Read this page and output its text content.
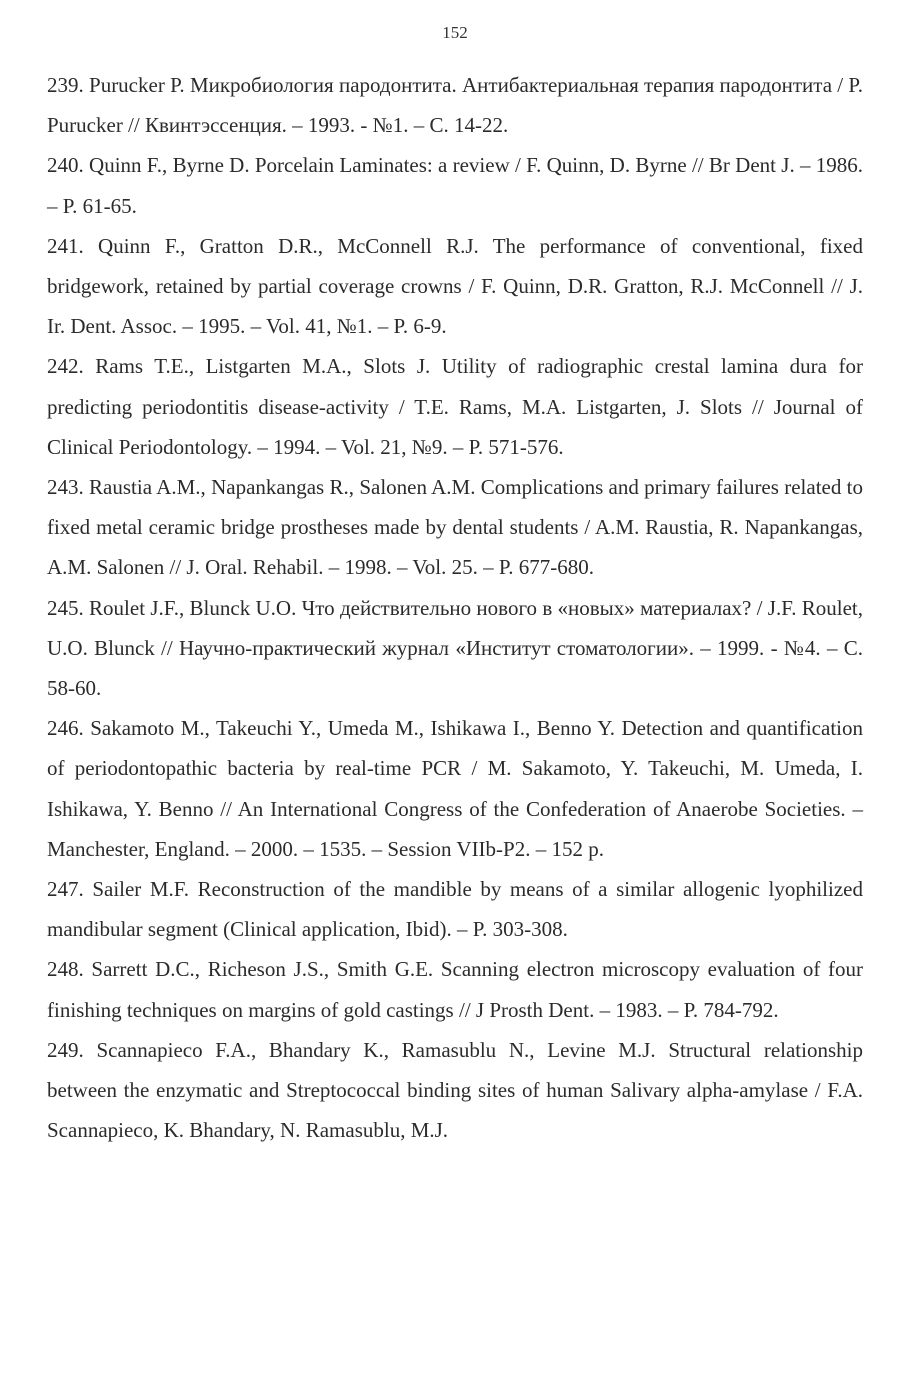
152
239. Purucker P. Микробиология пародонтита. Антибактериальная терапия пародонтита / P. Purucker // Квинтэссенция. – 1993. - №1. – С. 14-22.
240. Quinn F., Byrne D. Porcelain Laminates: a review / F. Quinn, D. Byrne // Br Dent J. – 1986. – P. 61-65.
241. Quinn F., Gratton D.R., McConnell R.J. The performance of conventional, fixed bridgework, retained by partial coverage crowns / F. Quinn, D.R. Gratton, R.J. McConnell // J. Ir. Dent. Assoc. – 1995. – Vol. 41, №1. – P. 6-9.
242. Rams T.E., Listgarten M.A., Slots J. Utility of radiographic crestal lamina dura for predicting periodontitis disease-activity / T.E. Rams, M.A. Listgarten, J. Slots // Journal of Clinical Periodontology. – 1994. – Vol. 21, №9. – P. 571-576.
243. Raustia A.M., Napankangas R., Salonen A.M. Complications and primary failures related to fixed metal ceramic bridge prostheses made by dental students / A.M. Raustia, R. Napankangas, A.M. Salonen // J. Oral. Rehabil. – 1998. – Vol. 25. – P. 677-680.
245. Roulet J.F., Blunck U.O. Что действительно нового в «новых» материалах? / J.F. Roulet, U.O. Blunck // Научно-практический журнал «Институт стоматологии». – 1999. - №4. – С. 58-60.
246. Sakamoto M., Takeuchi Y., Umeda M., Ishikawa I., Benno Y. Detection and quantification of periodontopathic bacteria by real-time PCR / M. Sakamoto, Y. Takeuchi, M. Umeda, I. Ishikawa, Y. Benno // An International Congress of the Confederation of Anaerobe Societies. – Manchester, England. – 2000. – 1535. – Session VIIb-P2. – 152 p.
247. Sailer M.F. Reconstruction of the mandible by means of a similar allogenic lyophilized mandibular segment (Clinical application, Ibid). – P. 303-308.
248. Sarrett D.C., Richeson J.S., Smith G.E. Scanning electron microscopy evaluation of four finishing techniques on margins of gold castings // J Prosth Dent. – 1983. – P. 784-792.
249. Scannapieco F.A., Bhandary K., Ramasublu N., Levine M.J. Structural relationship between the enzymatic and Streptococcal binding sites of human Salivary alpha-amylase / F.A. Scannapieco, K. Bhandary, N. Ramasublu, M.J.
